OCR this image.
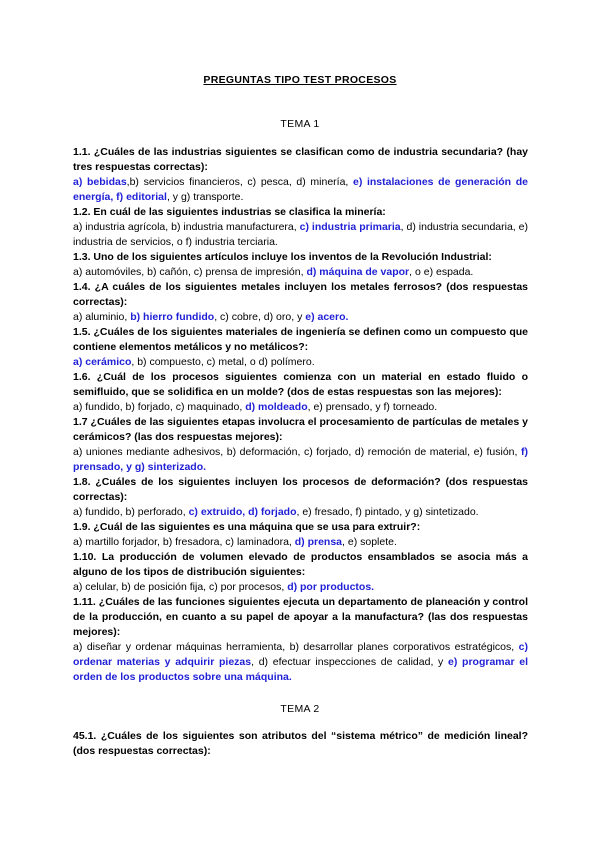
PREGUNTAS TIPO TEST PROCESOS
TEMA 1

1.1. ¿Cuáles de las industrias siguientes se clasifican como de industria secundaria? (hay tres respuestas correctas):

a) bebidas,b) servicios financieros, c) pesca, d) minería, e) instalaciones de generación de energía, f) editorial, y g) transporte.

1.2. En cuál de las siguientes industrias se clasifica la minería:

a) industria agrícola, b) industria manufacturera, c) industria primaria, d) industria secundaria, e) industria de servicios, o f) industria terciaria.

1.3. Uno de los siguientes artículos incluye los inventos de la Revolución Industrial:

a) automóviles, b) cañón, c) prensa de impresión, d) máquina de vapor, o e) espada.

1.4. ¿A cuáles de los siguientes metales incluyen los metales ferrosos? (dos respuestas correctas):

a) aluminio, b) hierro fundido, c) cobre, d) oro, y e) acero.

1.5. ¿Cuáles de los siguientes materiales de ingeniería se definen como un compuesto que contiene elementos metálicos y no metálicos?:

a) cerámico, b) compuesto, c) metal, o d) polímero.

1.6. ¿Cuál de los procesos siguientes comienza con un material en estado fluido o semifluido, que se solidifica en un molde? (dos de estas respuestas son las mejores):

a) fundido, b) forjado, c) maquinado, d) moldeado, e) prensado, y f) torneado.

1.7 ¿Cuáles de las siguientes etapas involucra el procesamiento de partículas de metales y cerámicos? (las dos respuestas mejores):

a) uniones mediante adhesivos, b) deformación, c) forjado, d) remoción de material, e) fusión, f) prensado, y g) sinterizado.

1.8. ¿Cuáles de los siguientes incluyen los procesos de deformación? (dos respuestas correctas):

a) fundido, b) perforado, c) extruido, d) forjado, e) fresado, f) pintado, y g) sintetizado.

1.9. ¿Cuál de las siguientes es una máquina que se usa para extruir?:

a) martillo forjador, b) fresadora, c) laminadora, d) prensa, e) soplete.

1.10. La producción de volumen elevado de productos ensamblados se asocia más a alguno de los tipos de distribución siguientes:

a) celular, b) de posición fija, c) por procesos, d) por productos.

1.11. ¿Cuáles de las funciones siguientes ejecuta un departamento de planeación y control de la producción, en cuanto a su papel de apoyar a la manufactura? (las dos respuestas mejores):

a) diseñar y ordenar máquinas herramienta, b) desarrollar planes corporativos estratégicos, c) ordenar materias y adquirir piezas, d) efectuar inspecciones de calidad, y e) programar el orden de los productos sobre una máquina.

TEMA 2

45.1. ¿Cuáles de los siguientes son atributos del “sistema métrico” de medición lineal? (dos respuestas correctas):
